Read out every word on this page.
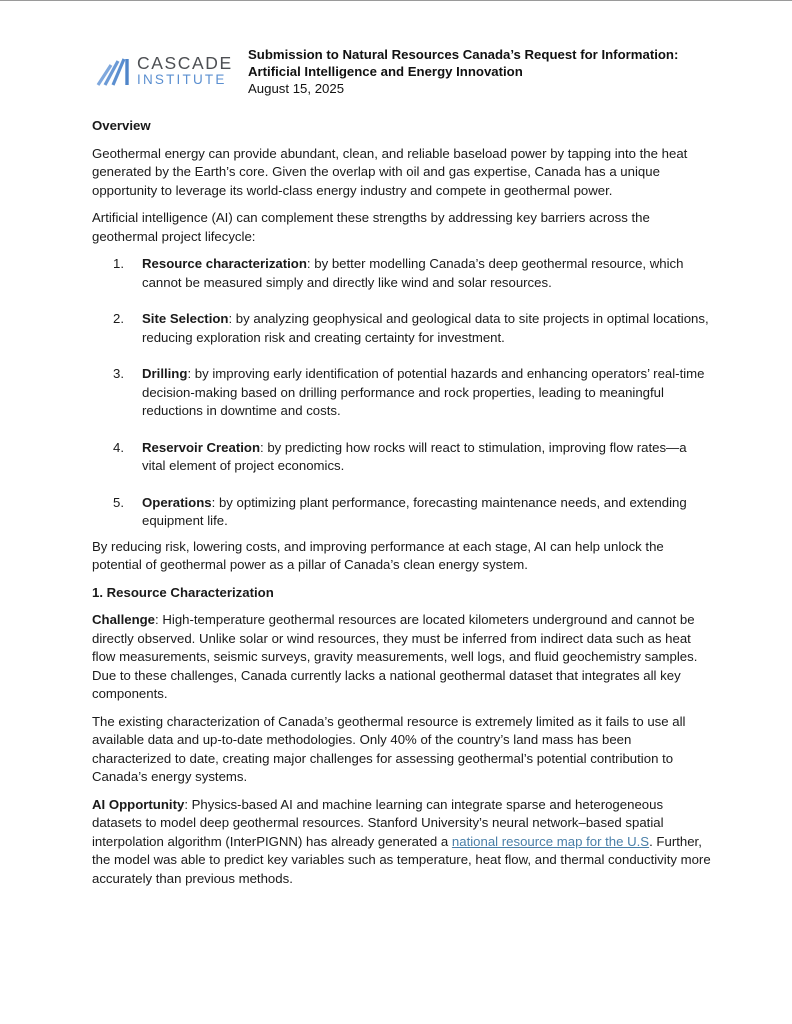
CASCADE
INSTITUTE
Submission to Natural Resources Canada’s Request for Information:
Artificial Intelligence and Energy Innovation
August 15, 2025

Overview

Geothermal energy can provide abundant, clean, and reliable baseload power by tapping into the heat generated by the Earth’s core. Given the overlap with oil and gas expertise, Canada has a unique opportunity to leverage its world-class energy industry and compete in geothermal power.

Artificial intelligence (AI) can complement these strengths by addressing key barriers across the geothermal project lifecycle:

1. Resource characterization: by better modelling Canada’s deep geothermal resource, which cannot be measured simply and directly like wind and solar resources.
2. Site Selection: by analyzing geophysical and geological data to site projects in optimal locations, reducing exploration risk and creating certainty for investment.
3. Drilling: by improving early identification of potential hazards and enhancing operators’ real-time decision-making based on drilling performance and rock properties, leading to meaningful reductions in downtime and costs.
4. Reservoir Creation: by predicting how rocks will react to stimulation, improving flow rates—a vital element of project economics.
5. Operations: by optimizing plant performance, forecasting maintenance needs, and extending equipment life.

By reducing risk, lowering costs, and improving performance at each stage, AI can help unlock the potential of geothermal power as a pillar of Canada’s clean energy system.

1. Resource Characterization

Challenge: High-temperature geothermal resources are located kilometers underground and cannot be directly observed. Unlike solar or wind resources, they must be inferred from indirect data such as heat flow measurements, seismic surveys, gravity measurements, well logs, and fluid geochemistry samples. Due to these challenges, Canada currently lacks a national geothermal dataset that integrates all key components.

The existing characterization of Canada’s geothermal resource is extremely limited as it fails to use all available data and up-to-date methodologies. Only 40% of the country’s land mass has been characterized to date, creating major challenges for assessing geothermal’s potential contribution to Canada’s energy systems.

AI Opportunity: Physics-based AI and machine learning can integrate sparse and heterogeneous datasets to model deep geothermal resources. Stanford University’s neural network–based spatial interpolation algorithm (InterPIGNN) has already generated a national resource map for the U.S. Further, the model was able to predict key variables such as temperature, heat flow, and thermal conductivity more accurately than previous methods.
